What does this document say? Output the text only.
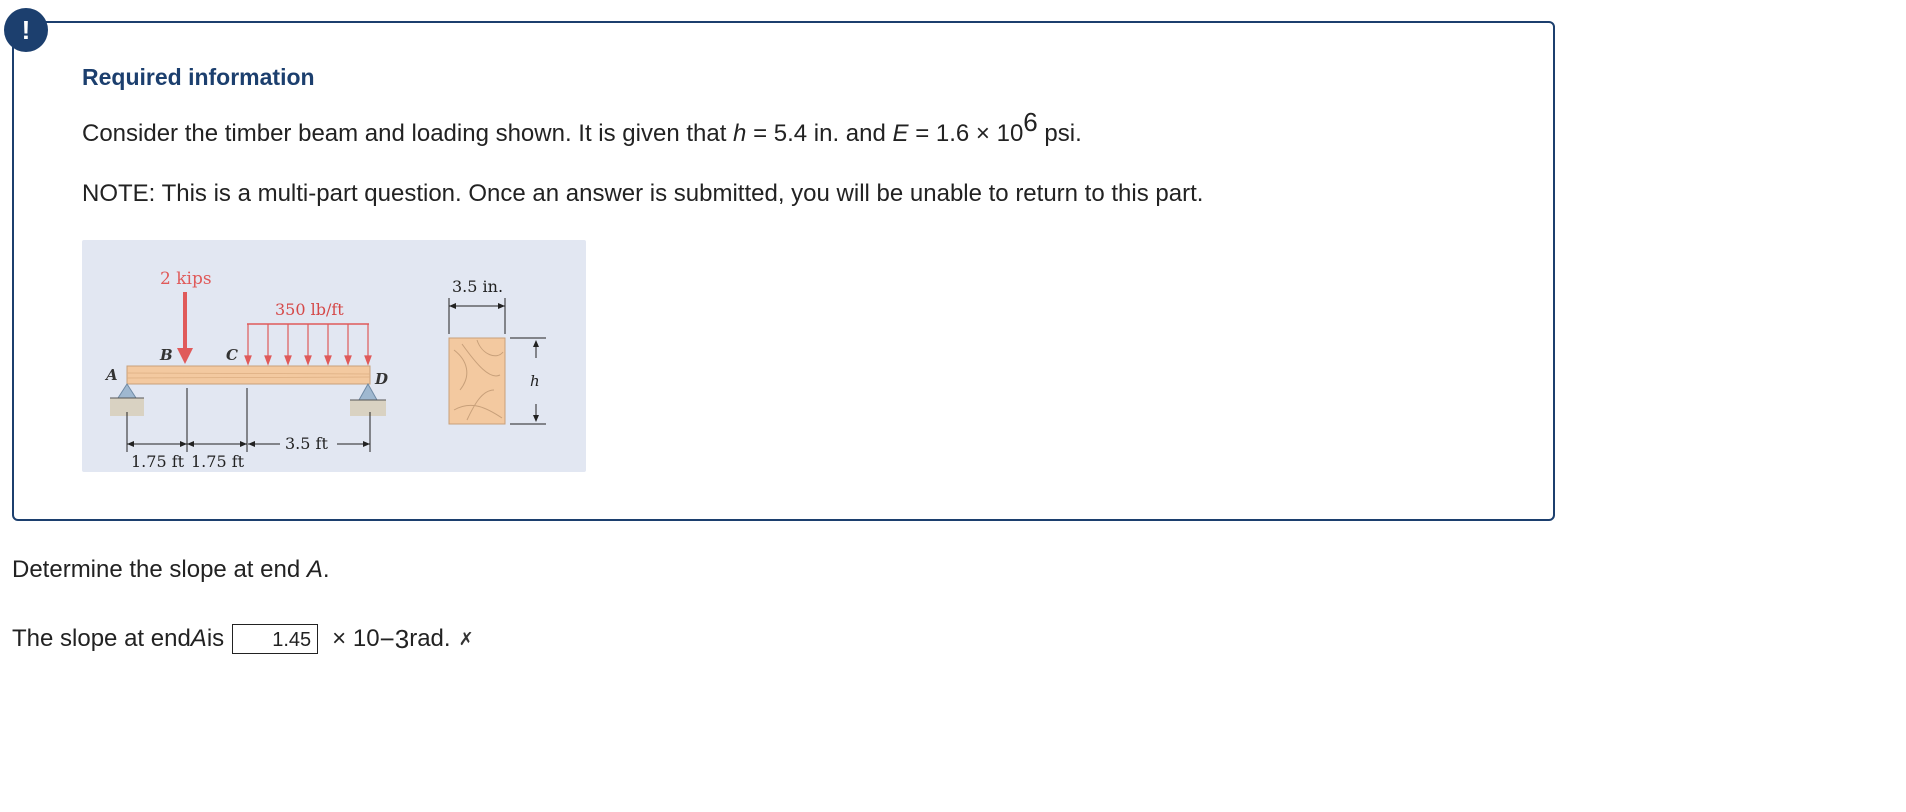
!
Required information
Consider the timber beam and loading shown. It is given that h = 5.4 in. and $E = 1.6 \times 10^6$ psi.
NOTE: This is a multi-part question. Once an answer is submitted, you will be unable to return to this part.
2 kips
350 lb/ft
A
B	C
D
3.5 ft
1.75 ft 1.75 ft
3.5 in.
h
Determine the slope at end A.
The slope at end A is	1.45 × 10 −3 rad. ✗
